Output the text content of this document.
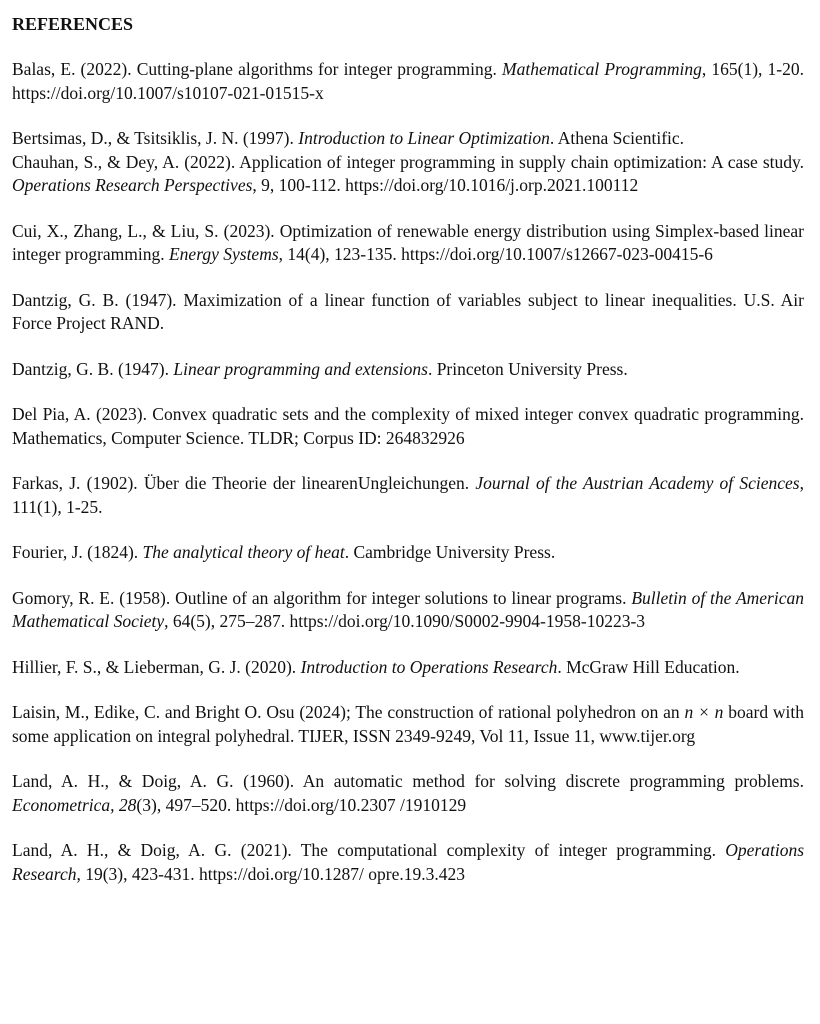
REFERENCES

Balas, E. (2022). Cutting-plane algorithms for integer programming. Mathematical Programming, 165(1), 1-20. https://doi.org/10.1007/s10107-021-01515-x

Bertsimas, D., & Tsitsiklis, J. N. (1997). Introduction to Linear Optimization. Athena Scientific.

Chauhan, S., & Dey, A. (2022). Application of integer programming in supply chain optimization: A case study. Operations Research Perspectives, 9, 100-112. https://doi.org/10.1016/j.orp.2021.100112

Cui, X., Zhang, L., & Liu, S. (2023). Optimization of renewable energy distribution using Simplex-based linear integer programming. Energy Systems, 14(4), 123-135. https://doi.org/10.1007/s12667-023-00415-6

Dantzig, G. B. (1947). Maximization of a linear function of variables subject to linear inequalities. U.S. Air Force Project RAND.

Dantzig, G. B. (1947). Linear programming and extensions. Princeton University Press.

Del Pia, A. (2023). Convex quadratic sets and the complexity of mixed integer convex quadratic programming. Mathematics, Computer Science. TLDR; Corpus ID: 264832926

Farkas, J. (1902). Über die Theorie der linearenUngleichungen. Journal of the Austrian Academy of Sciences, 111(1), 1-25.

Fourier, J. (1824). The analytical theory of heat. Cambridge University Press.

Gomory, R. E. (1958). Outline of an algorithm for integer solutions to linear programs. Bulletin of the American Mathematical Society, 64(5), 275–287. https://doi.org/10.1090/S0002-9904-1958-10223-3

Hillier, F. S., & Lieberman, G. J. (2020). Introduction to Operations Research. McGraw Hill Education.

Laisin, M., Edike, C. and Bright O. Osu (2024); The construction of rational polyhedron on an n × n board with some application on integral polyhedral. TIJER, ISSN 2349-9249, Vol 11, Issue 11, www.tijer.org

Land, A. H., & Doig, A. G. (1960). An automatic method for solving discrete programming problems. Econometrica, 28(3), 497–520. https://doi.org/10.2307 /1910129

Land, A. H., & Doig, A. G. (2021). The computational complexity of integer programming. Operations Research, 19(3), 423-431. https://doi.org/10.1287/ opre.19.3.423
